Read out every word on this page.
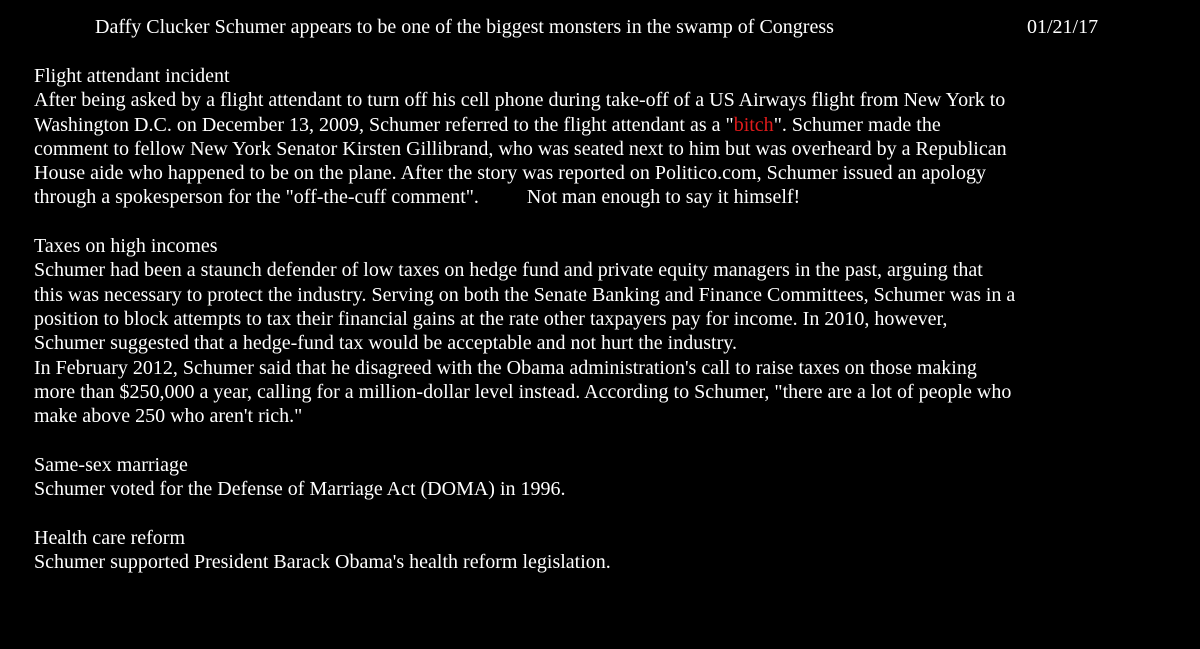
Daffy Clucker Schumer appears to be one of the biggest monsters in the swamp of Congress	01/21/17
Flight attendant incident
After being asked by a flight attendant to turn off his cell phone during take-off of a US Airways flight from New York to
Washington D.C. on December 13, 2009, Schumer referred to the flight attendant as a "bitch". Schumer made the
comment to fellow New York Senator Kirsten Gillibrand, who was seated next to him but was overheard by a Republican
House aide who happened to be on the plane. After the story was reported on Politico.com, Schumer issued an apology
through a spokesperson for the "off-the-cuff comment". Not man enough to say it himself!
Taxes on high incomes
Schumer had been a staunch defender of low taxes on hedge fund and private equity managers in the past, arguing that
this was necessary to protect the industry. Serving on both the Senate Banking and Finance Committees, Schumer was in a
position to block attempts to tax their financial gains at the rate other taxpayers pay for income. In 2010, however,
Schumer suggested that a hedge-fund tax would be acceptable and not hurt the industry.
In February 2012, Schumer said that he disagreed with the Obama administration's call to raise taxes on those making
more than $250,000 a year, calling for a million-dollar level instead. According to Schumer, "there are a lot of people who
make above 250 who aren't rich."
Same-sex marriage
Schumer voted for the Defense of Marriage Act (DOMA) in 1996.
Health care reform
Schumer supported President Barack Obama's health reform legislation.
